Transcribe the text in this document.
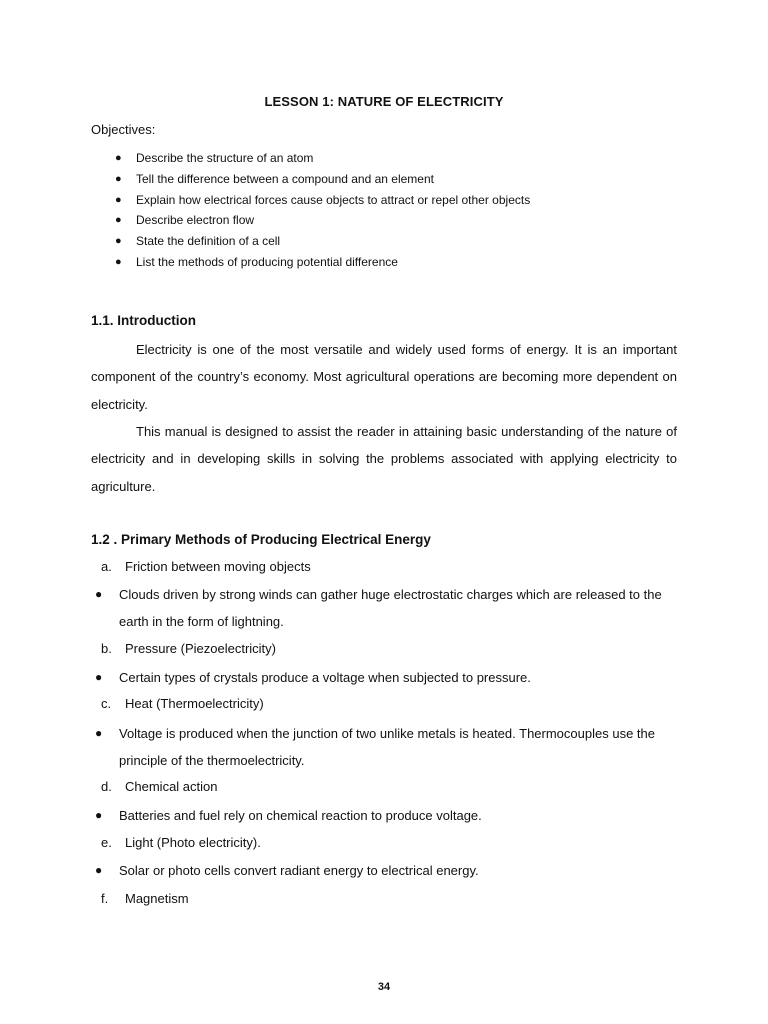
LESSON 1: NATURE OF ELECTRICITY
Objectives:
● Describe the structure of an atom
● Tell the difference between a compound and an element
● Explain how electrical forces cause objects to attract or repel other objects
● Describe electron flow
● State the definition of a cell
● List the methods of producing potential difference
1.1. Introduction

Electricity is one of the most versatile and widely used forms of energy. It is an important component of the country’s economy. Most agricultural operations are becoming more dependent on electricity.

This manual is designed to assist the reader in attaining basic understanding of the nature of electricity and in developing skills in solving the problems associated with applying electricity to agriculture.

1.2 . Primary Methods of Producing Electrical Energy
a. Friction between moving objects
● Clouds driven by strong winds can gather huge electrostatic charges which are released to the earth in the form of lightning.
b. Pressure (Piezoelectricity)
● Certain types of crystals produce a voltage when subjected to pressure.
c. Heat (Thermoelectricity)
● Voltage is produced when the junction of two unlike metals is heated. Thermocouples use the principle of the thermoelectricity.
d. Chemical action
● Batteries and fuel rely on chemical reaction to produce voltage.
e. Light (Photo electricity).
● Solar or photo cells convert radiant energy to electrical energy.
f. Magnetism
34
